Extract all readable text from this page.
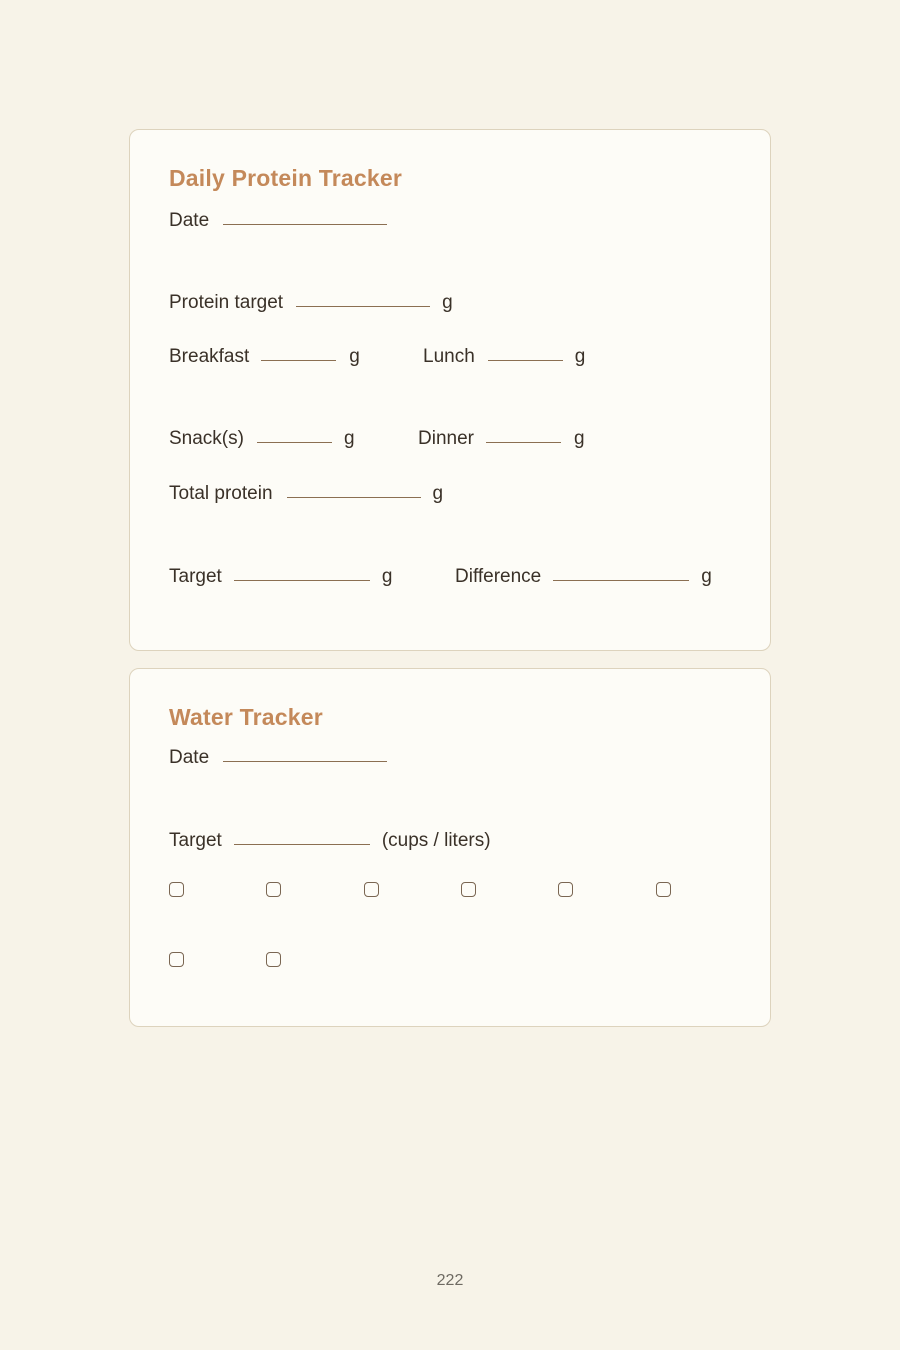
Daily Protein Tracker
Date
Protein target	g
Breakfast	g	Lunch	g
Snack(s)	g	Dinner	g
Total protein	g
Target	g	Difference	g
Water Tracker
Date
Target	(cups / liters)
222
